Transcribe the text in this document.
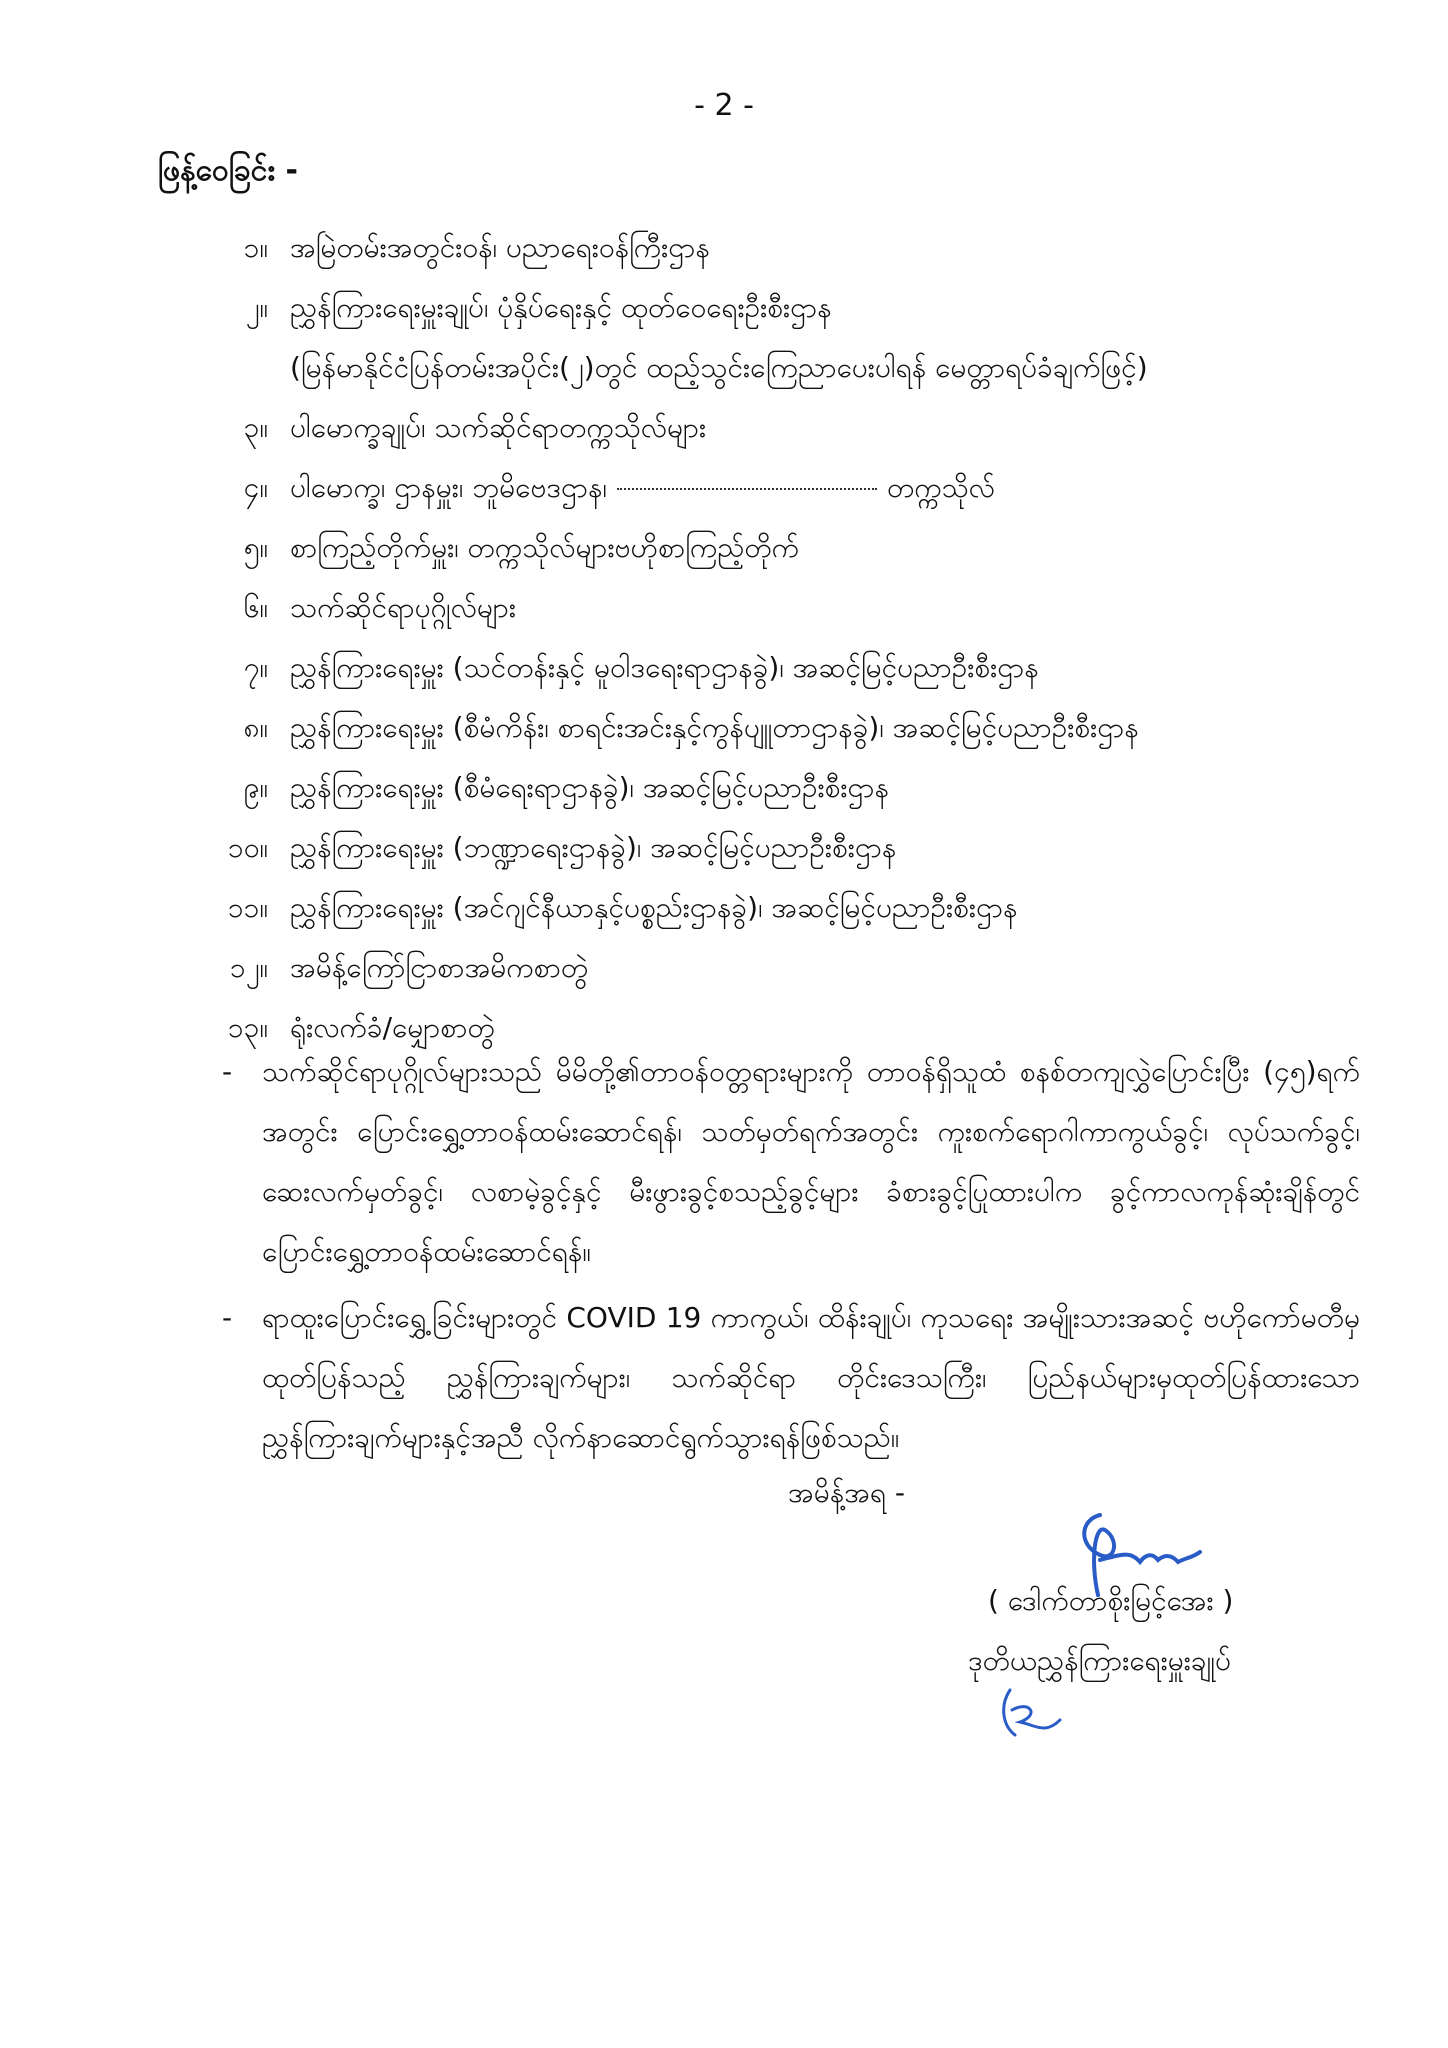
- 2 -
ဖြန့်ဝေခြင်း -
၁။ အမြဲတမ်းအတွင်းဝန်၊ ပညာရေးဝန်ကြီးဌာန
၂။ ညွှန်ကြားရေးမှူးချုပ်၊ ပုံနှိပ်ရေးနှင့် ထုတ်ဝေရေးဦးစီးဌာန
(မြန်မာနိုင်ငံပြန်တမ်းအပိုင်း(၂)တွင် ထည့်သွင်းကြေညာပေးပါရန် မေတ္တာရပ်ခံချက်ဖြင့်)
၃။ ပါမောက္ခချုပ်၊ သက်ဆိုင်ရာတက္ကသိုလ်များ
၄။ ပါမောက္ခ၊ ဌာနမှူး၊ ဘူမိဗေဒဌာန၊	တက္ကသိုလ်
၅။ စာကြည့်တိုက်မှူး၊ တက္ကသိုလ်များဗဟိုစာကြည့်တိုက်
၆။ သက်ဆိုင်ရာပုဂ္ဂိုလ်များ
၇။ ညွှန်ကြားရေးမှူး (သင်တန်းနှင့် မူဝါဒရေးရာဌာနခွဲ)၊ အဆင့်မြင့်ပညာဦးစီးဌာန
၈။ ညွှန်ကြားရေးမှူး (စီမံကိန်း၊ စာရင်းအင်းနှင့်ကွန်ပျူတာဌာနခွဲ)၊ အဆင့်မြင့်ပညာဦးစီးဌာန
၉။ ညွှန်ကြားရေးမှူး (စီမံရေးရာဌာနခွဲ)၊ အဆင့်မြင့်ပညာဦးစီးဌာန
၁၀။ ညွှန်ကြားရေးမှူး (ဘဏ္ဍာရေးဌာနခွဲ)၊ အဆင့်မြင့်ပညာဦးစီးဌာန
၁၁။ ညွှန်ကြားရေးမှူး (အင်ဂျင်နီယာနှင့်ပစ္စည်းဌာနခွဲ)၊ အဆင့်မြင့်ပညာဦးစီးဌာန
၁၂။ အမိန့်ကြော်ငြာစာအမိကစာတွဲ
၁၃။ ရုံးလက်ခံ/မျှောစာတွဲ
- သက်ဆိုင်ရာပုဂ္ဂိုလ်များသည် မိမိတို့၏တာဝန်ဝတ္တရားများကို တာဝန်ရှိသူထံ စနစ်တကျလွှဲပြောင်းပြီး (၄၅)ရက်အတွင်း ပြောင်းရွှေ့တာဝန်ထမ်းဆောင်ရန်၊ သတ်မှတ်ရက်အတွင်း ကူးစက်ရောဂါကာကွယ်ခွင့်၊ လုပ်သက်ခွင့်၊ ဆေးလက်မှတ်ခွင့်၊ လစာမဲ့ခွင့်နှင့် မီးဖွားခွင့်စသည့်ခွင့်များ ခံစားခွင့်ပြုထားပါက ခွင့်ကာလကုန်ဆုံးချိန်တွင် ပြောင်းရွှေ့တာဝန်ထမ်းဆောင်ရန်။
- ရာထူးပြောင်းရွှေ့ခြင်းများတွင် COVID 19 ကာကွယ်၊ ထိန်းချုပ်၊ ကုသရေး အမျိုးသားအဆင့် ဗဟိုကော်မတီမှထုတ်ပြန်သည့် ညွှန်ကြားချက်များ၊ သက်ဆိုင်ရာ တိုင်းဒေသကြီး၊ ပြည်နယ်များမှထုတ်ပြန်ထားသောညွှန်ကြားချက်များနှင့်အညီ လိုက်နာဆောင်ရွက်သွားရန်ဖြစ်သည်။
အမိန့်အရ -
( ဒေါက်တာစိုးမြင့်အေး )
ဒုတိယညွှန်ကြားရေးမှူးချုပ်
